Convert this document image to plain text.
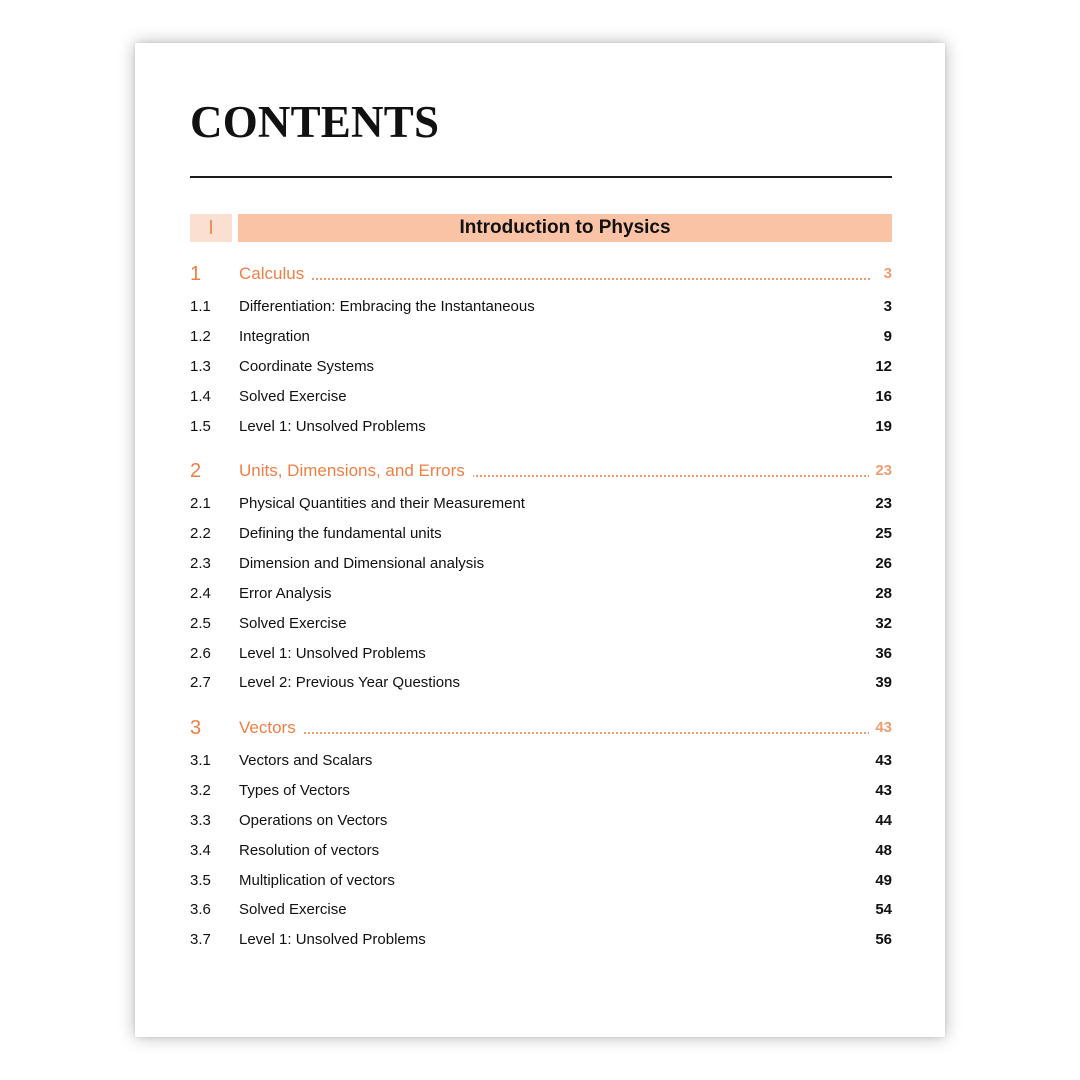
CONTENTS
I	Introduction to Physics
1 Calculus	3
1.1 Differentiation: Embracing the Instantaneous	3
1.2 Integration	9
1.3 Coordinate Systems	12
1.4 Solved Exercise	16
1.5 Level 1: Unsolved Problems	19
2 Units, Dimensions, and Errors	23
2.1 Physical Quantities and their Measurement	23
2.2 Defining the fundamental units	25
2.3 Dimension and Dimensional analysis	26
2.4 Error Analysis	28
2.5 Solved Exercise	32
2.6 Level 1: Unsolved Problems	36
2.7 Level 2: Previous Year Questions	39
3 Vectors	43
3.1 Vectors and Scalars	43
3.2 Types of Vectors	43
3.3 Operations on Vectors	44
3.4 Resolution of vectors	48
3.5 Multiplication of vectors	49
3.6 Solved Exercise	54
3.7 Level 1: Unsolved Problems	56
